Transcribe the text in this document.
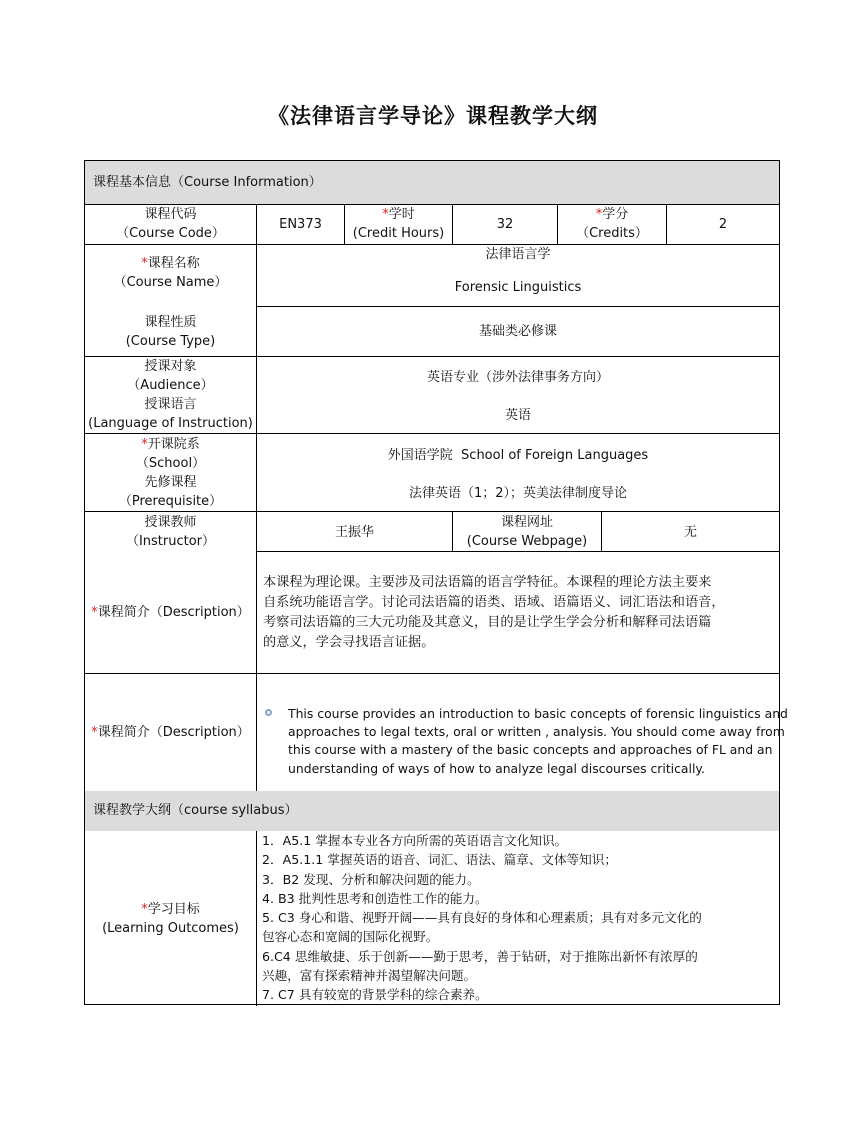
《法律语言学导论》课程教学大纲
课程基本信息（Course Information）
课程代码
（Course Code）
EN373
*学时
(Credit Hours)
32
*学分
（Credits）
2
*课程名称
（Course Name）
法律语言学
Forensic Linguistics
课程性质
(Course Type)
基础类必修课
授课对象
（Audience）
授课语言
(Language of Instruction)
英语专业（涉外法律事务方向）
英语
*开课院系
（School）
先修课程
（Prerequisite）
外国语学院  School of Foreign Languages
法律英语（1；2）；英美法律制度导论
授课教师
（Instructor）
王振华
课程网址
(Course Webpage)
无
*课程简介（Description）
本课程为理论课。主要涉及司法语篇的语言学特征。本课程的理论方法主要来
自系统功能语言学。讨论司法语篇的语类、语域、语篇语义、词汇语法和语音，
考察司法语篇的三大元功能及其意义，目的是让学生学会分析和解释司法语篇
的意义，学会寻找语言证据。
*课程简介（Description）
This course provides an introduction to basic concepts of forensic linguistics and
approaches to legal texts, oral or written , analysis. You should come away from
this course with a mastery of the basic concepts and approaches of FL and an
understanding of ways of how to analyze legal discourses critically.
课程教学大纲（course syllabus）
*学习目标
(Learning Outcomes)
1．A5.1 掌握本专业各方向所需的英语语言文化知识。
2．A5.1.1 掌握英语的语音、词汇、语法、篇章、文体等知识；
3．B2 发现、分析和解决问题的能力。
4. B3 批判性思考和创造性工作的能力。
5. C3 身心和谐、视野开阔——具有良好的身体和心理素质；具有对多元文化的
包容心态和宽阔的国际化视野。
6.C4 思维敏捷、乐于创新——勤于思考，善于钻研，对于推陈出新怀有浓厚的
兴趣，富有探索精神并渴望解决问题。
7. C7 具有较宽的背景学科的综合素养。
